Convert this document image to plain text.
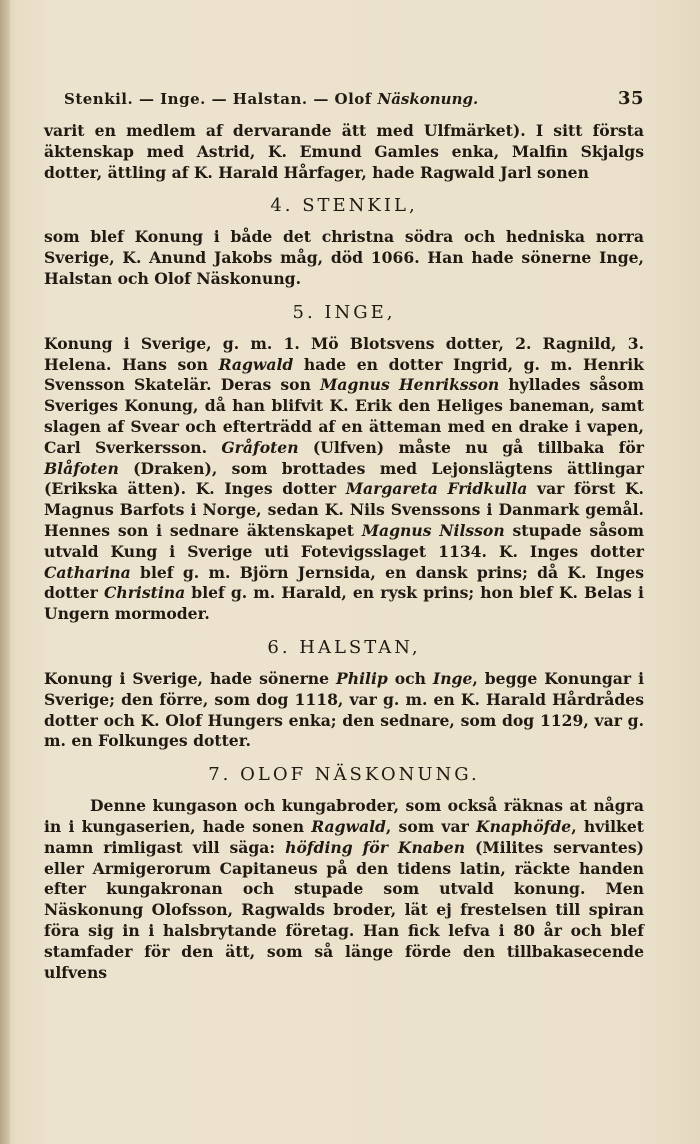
Stenkil. — Inge. — Halstan. — Olof Näskonung.	35

varit en medlem af dervarande ätt med Ulfmärket). I sitt första äktenskap med Astrid, K. Emund Gamles enka, Malfin Skjalgs dotter, ättling af K. Harald Hårfager, hade Ragwald Jarl sonen

4. STENKIL,

som blef Konung i både det christna södra och hedniska norra Sverige, K. Anund Jakobs måg, död 1066. Han hade sönerne Inge, Halstan och Olof Näskonung.

5. INGE,

Konung i Sverige, g. m. 1. Mö Blotsvens dotter, 2. Ragnild, 3. Helena. Hans son Ragwald hade en dotter Ingrid, g. m. Henrik Svensson Skatelär. Deras son Magnus Henriksson hyllades såsom Sveriges Konung, då han blifvit K. Erik den Heliges baneman, samt slagen af Svear och efterträdd af en ätteman med en drake i vapen, Carl Sverkersson. Gråfoten (Ulfven) måste nu gå tillbaka för Blåfoten (Draken), som brottades med Lejonslägtens ättlingar (Erikska ätten). K. Inges dotter Margareta Fridkulla var först K. Magnus Barfots i Norge, sedan K. Nils Svenssons i Danmark gemål. Hennes son i sednare äktenskapet Magnus Nilsson stupade såsom utvald Kung i Sverige uti Fotevigsslaget 1134. K. Inges dotter Catharina blef g. m. Björn Jernsida, en dansk prins; då K. Inges dotter Christina blef g. m. Harald, en rysk prins; hon blef K. Belas i Ungern mormoder.

6. HALSTAN,

Konung i Sverige, hade sönerne Philip och Inge, begge Konungar i Sverige; den förre, som dog 1118, var g. m. en K. Harald Hårdrådes dotter och K. Olof Hungers enka; den sednare, som dog 1129, var g. m. en Folkunges dotter.

7. OLOF NÄSKONUNG.

Denne kungason och kungabroder, som också räknas at några in i kungaserien, hade sonen Ragwald, som var Knaphöfde, hvilket namn rimligast vill säga: höfding för Knaben (Milites servantes) eller Armigerorum Capitaneus på den tidens latin, räckte handen efter kungakronan och stupade som utvald konung. Men Näskonung Olofsson, Ragwalds broder, lät ej frestelsen till spiran föra sig in i halsbrytande företag. Han fick lefva i 80 år och blef stamfader för den ätt, som så länge förde den tillbakasecende ulfvens
